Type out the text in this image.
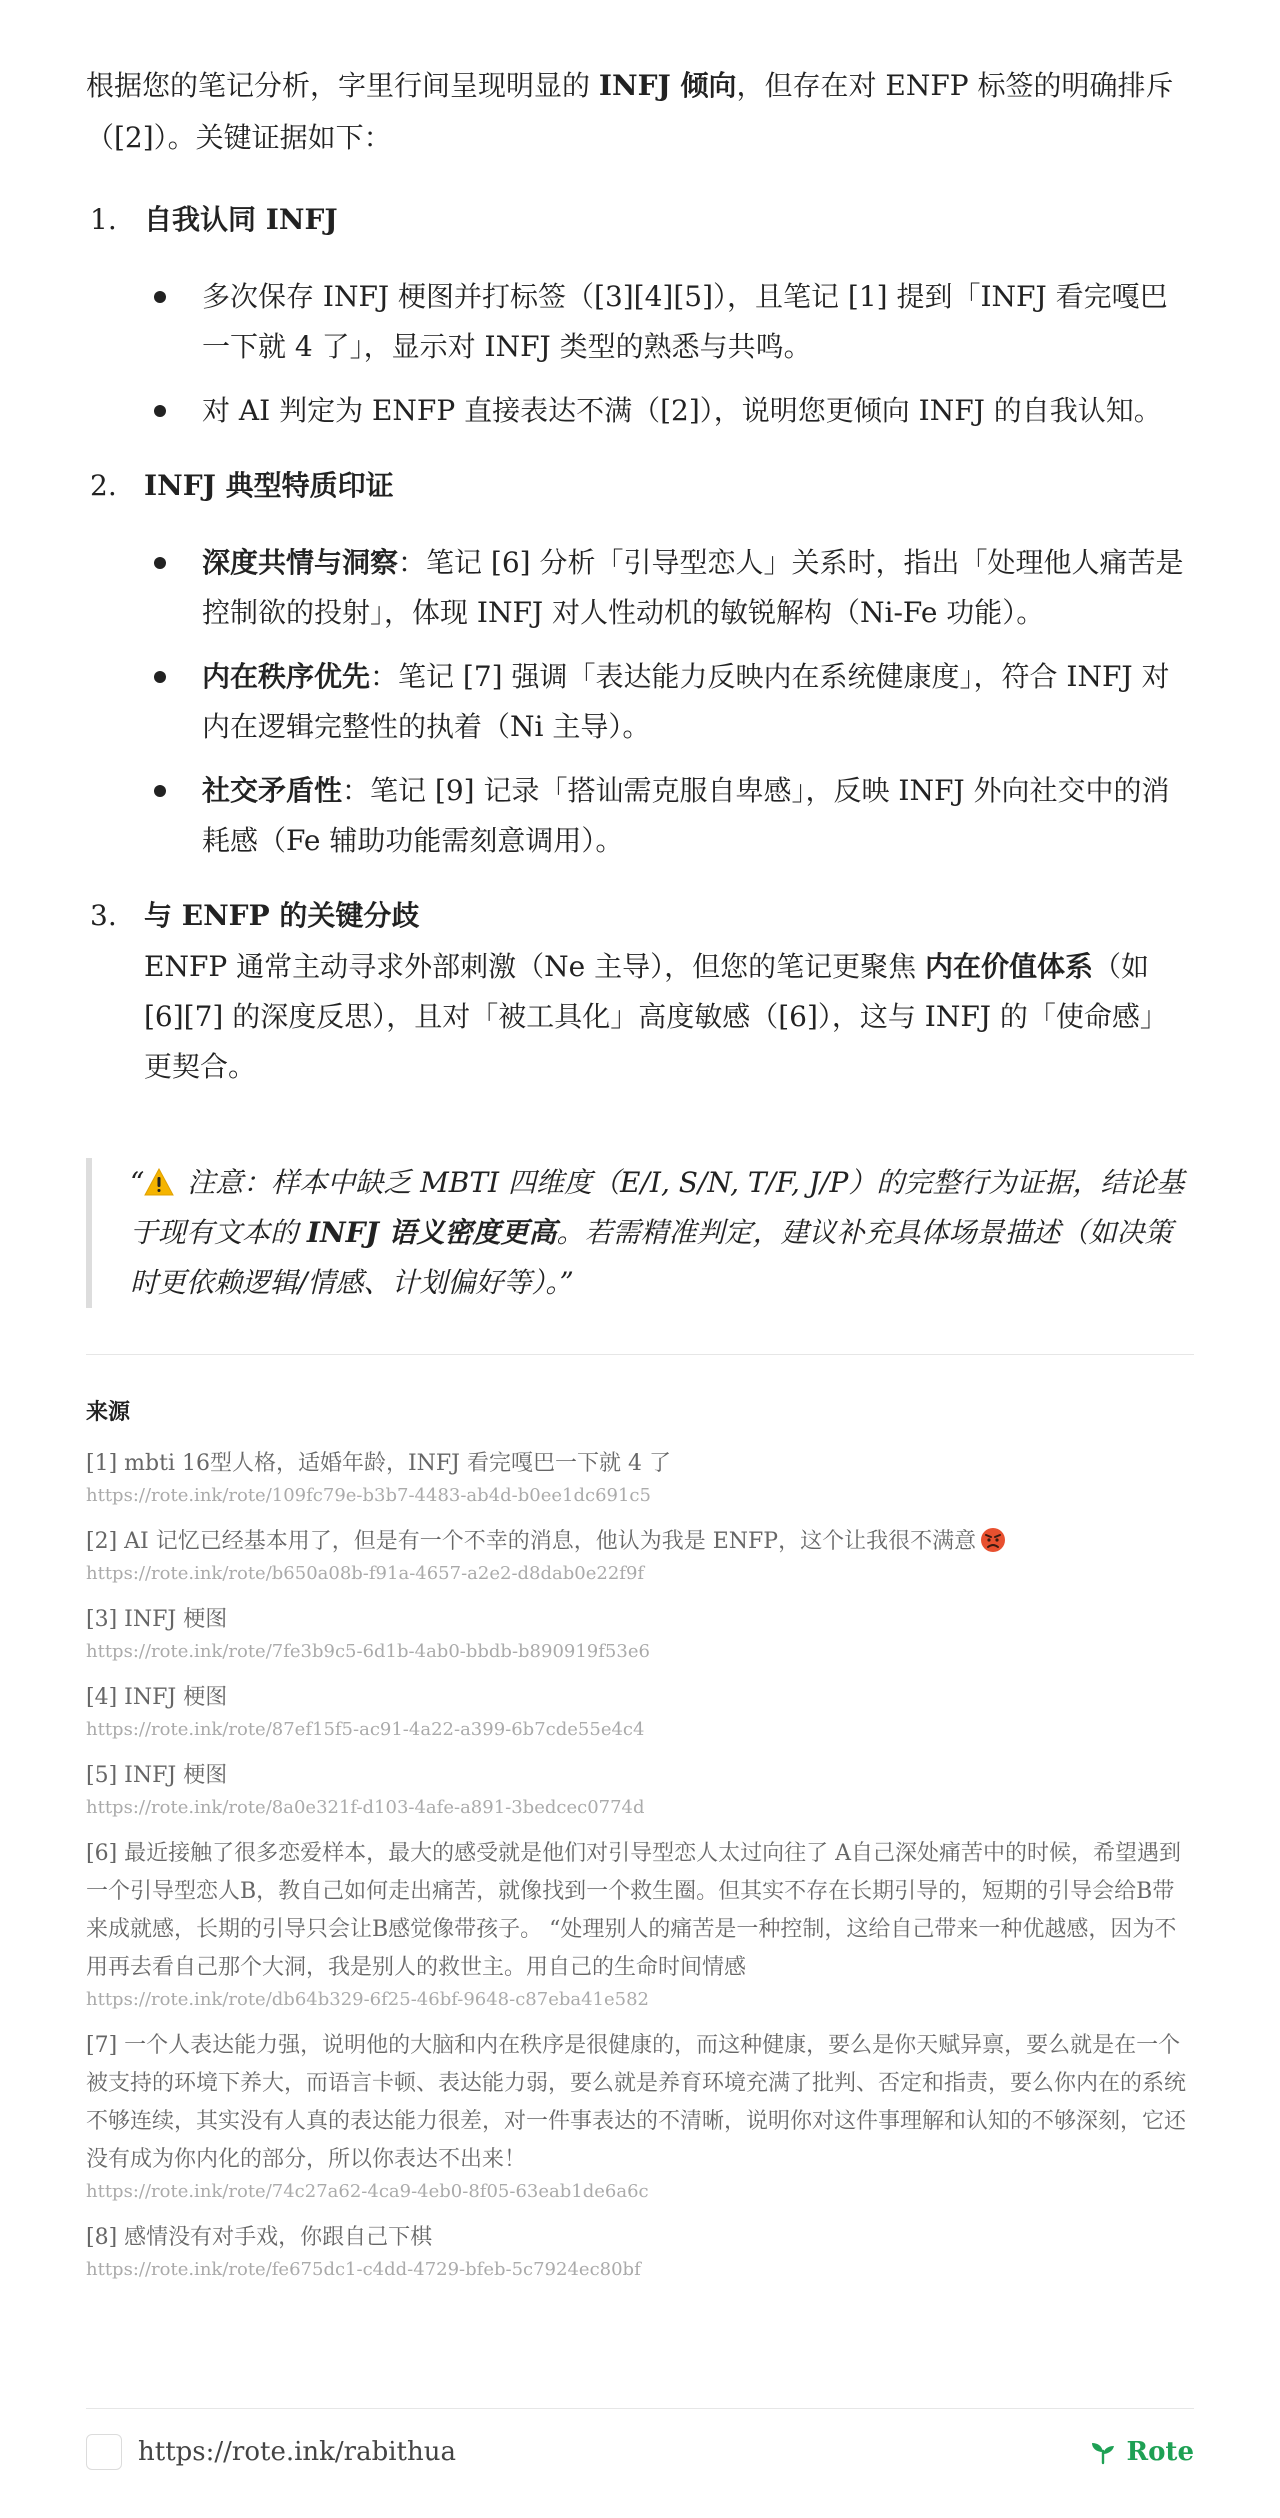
根据您的笔记分析，字里行间呈现明显的 INFJ 倾向，但存在对 ENFP 标签的明确排斥（[2]）。关键证据如下：

1. 自我认同 INFJ
多次保存 INFJ 梗图并打标签（[3][4][5]），且笔记 [1] 提到「INFJ 看完嘎巴一下就 4 了」，显示对 INFJ 类型的熟悉与共鸣。
对 AI 判定为 ENFP 直接表达不满（[2]），说明您更倾向 INFJ 的自我认知。
2. INFJ 典型特质印证
深度共情与洞察：笔记 [6] 分析「引导型恋人」关系时，指出「处理他人痛苦是控制欲的投射」，体现 INFJ 对人性动机的敏锐解构（Ni-Fe 功能）。
内在秩序优先：笔记 [7] 强调「表达能力反映内在系统健康度」，符合 INFJ 对内在逻辑完整性的执着（Ni 主导）。
社交矛盾性：笔记 [9] 记录「搭讪需克服自卑感」，反映 INFJ 外向社交中的消耗感（Fe 辅助功能需刻意调用）。
3. 与 ENFP 的关键分歧
ENFP 通常主动寻求外部刺激（Ne 主导），但您的笔记更聚焦 内在价值体系（如 [6][7] 的深度反思），且对「被工具化」高度敏感（[6]），这与 INFJ 的「使命感」更契合。
“ 注意：样本中缺乏 MBTI 四维度（E/I, S/N, T/F, J/P）的完整行为证据，结论基于现有文本的 INFJ 语义密度更高。若需精准判定，建议补充具体场景描述（如决策时更依赖逻辑/情感、计划偏好等）。”
来源
[1] mbti 16型人格，适婚年龄，INFJ 看完嘎巴一下就 4 了
https://rote.ink/rote/109fc79e-b3b7-4483-ab4d-b0ee1dc691c5
[2] AI 记忆已经基本用了，但是有一个不幸的消息，他认为我是 ENFP，这个让我很不满意
https://rote.ink/rote/b650a08b-f91a-4657-a2e2-d8dab0e22f9f
[3] INFJ 梗图
https://rote.ink/rote/7fe3b9c5-6d1b-4ab0-bbdb-b890919f53e6
[4] INFJ 梗图
https://rote.ink/rote/87ef15f5-ac91-4a22-a399-6b7cde55e4c4
[5] INFJ 梗图
https://rote.ink/rote/8a0e321f-d103-4afe-a891-3bedcec0774d
[6] 最近接触了很多恋爱样本，最大的感受就是他们对引导型恋人太过向往了 A自己深处痛苦中的时候，希望遇到一个引导型恋人B，教自己如何走出痛苦，就像找到一个救生圈。但其实不存在长期引导的，短期的引导会给B带来成就感，长期的引导只会让B感觉像带孩子。 “处理别人的痛苦是一种控制，这给自己带来一种优越感，因为不用再去看自己那个大洞，我是别人的救世主。用自己的生命时间情感
https://rote.ink/rote/db64b329-6f25-46bf-9648-c87eba41e582
[7] 一个人表达能力强，说明他的大脑和内在秩序是很健康的，而这种健康，要么是你天赋异禀，要么就是在一个被支持的环境下养大，而语言卡顿、表达能力弱，要么就是养育环境充满了批判、否定和指责，要么你内在的系统不够连续，其实没有人真的表达能力很差，对一件事表达的不清晰，说明你对这件事理解和认知的不够深刻，它还没有成为你内化的部分，所以你表达不出来！
https://rote.ink/rote/74c27a62-4ca9-4eb0-8f05-63eab1de6a6c
[8] 感情没有对手戏，你跟自己下棋
https://rote.ink/rote/fe675dc1-c4dd-4729-bfeb-5c7924ec80bf
https://rote.ink/rabithua	Rote
